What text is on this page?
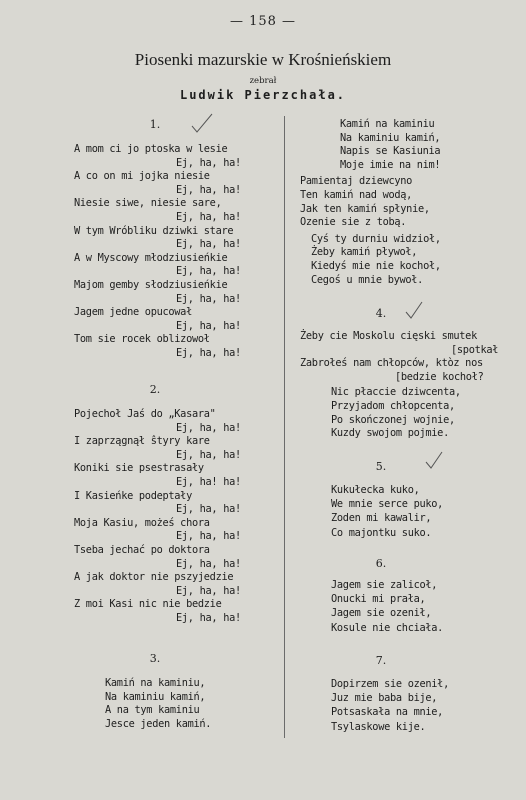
— 158 —
Piosenki mazurskie w Krośnieńskiem
zebrał
Ludwik Pierzchała.
1.
A mom ci jo ptoska w lesie
Ej, ha, ha!
A co on mi jojka niesie
Ej, ha, ha!
Niesie siwe, niesie sare,
Ej, ha, ha!
W tym Wróbliku dziwki stare
Ej, ha, ha!
A w Myscowy młodziusieńkie
Ej, ha, ha!
Majom gemby słodziusieńkie
Ej, ha, ha!
Jagem jedne opucował
Ej, ha, ha!
Tom sie rocek oblizowoł
Ej, ha, ha!
2.
Pojechoł Jaś do „Kasara"
Ej, ha, ha!
I zaprzągnął ŝtyry kare
Ej, ha, ha!
Koniki sie psestrasały
Ej, ha! ha!
I Kasieńke podeptały
Ej, ha, ha!
Moja Kasiu, możeś chora
Ej, ha, ha!
Tseba jechać po doktora
Ej, ha, ha!
A jak doktor nie pszyjedzie
Ej, ha, ha!
Z moi Kasi nic nie bedzie
Ej, ha, ha!
3.
Kamiń na kaminiu,
Na kaminiu kamiń,
A na tym kaminiu
Jesce jeden kamiń.
Kamiń na kaminiu
Na kaminiu kamiń,
Napis se Kasiunia
Moje imie na nim!
Pamientaj dziewcyno
Ten kamiń nad wodą,
Jak ten kamiń spłynie,
Ozenie sie z tobą.
Cyś ty durniu widzioł,
Żeby kamiń pływoł,
Kiedyś mie nie kochoł,
Cegoś u mnie bywoł.
4.
Żeby cie Moskolu cięski smutek
[spotkał
Zabrołeś nam chłopców, ktòz nos
[bedzie kochoł?
Nic płaccie dziwcenta,
Przyjadom chłopcenta,
Po skończonej wojnie,
Kuzdy swojom pojmie.
5.
Kukułecka kuko,
We mnie serce puko,
Zoden mi kawalir,
Co majontku suko.
6.
Jagem sie zalicoł,
Onucki mi prała,
Jagem sie ozenił,
Kosule nie chciała.
7.
Dopirzem sie ozenił,
Juz mie baba bije,
Potsaskała na mnie,
Tsylaskowe kije.
